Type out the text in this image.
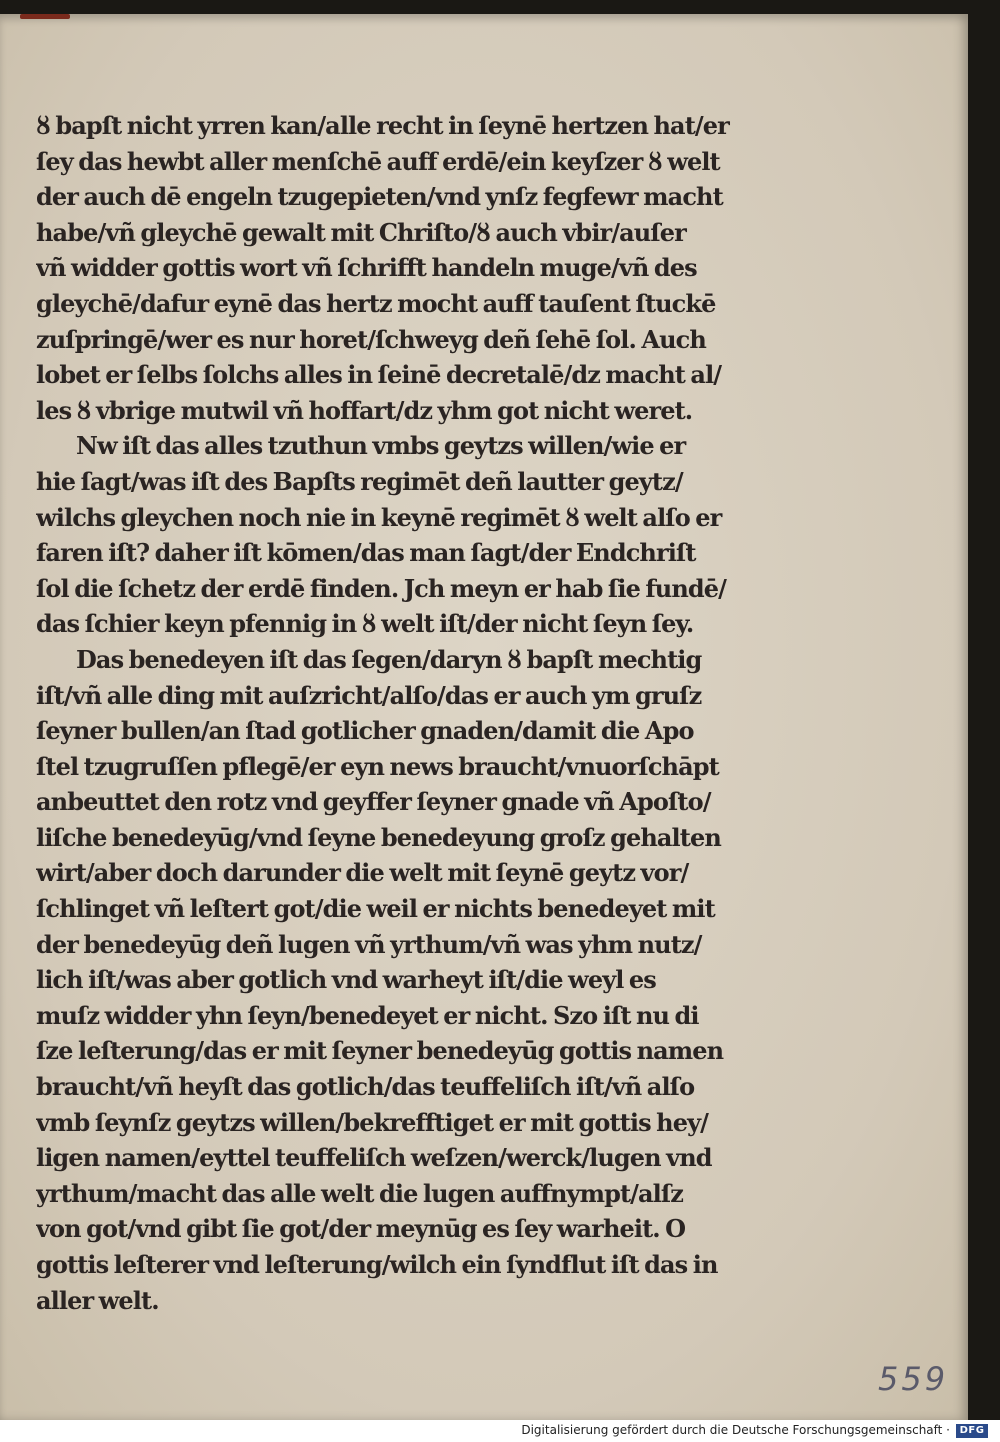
ȣ bapſt nicht yrren kan/alle recht in ſeynē hertzen hat/er
ſey das hewbt aller menſchē auff erdē/ein keyſzer ȣ welt
der auch dē engeln tzugepieten/vnd ynſz fegfewr macht
habe/vñ gleychē gewalt mit Chriſto/ȣ auch vbir/auſer
vñ widder gottis wort vñ ſchrifft handeln muge/vñ des
gleychē/dafur eynē das hertz mocht auff tauſent ſtuckē
zuſpringē/wer es nur horet/ſchweyg deñ ſehē ſol. Auch
lobet er ſelbs ſolchs alles in ſeinē decretalē/dz macht al/
les ȣ vbrige mutwil vñ hoffart/dz yhm got nicht weret.
Nw iſt das alles tzuthun vmbs geytzs willen/wie er
hie ſagt/was iſt des Bapſts regimēt deñ lautter geytz/
wilchs gleychen noch nie in keynē regimēt ȣ welt alſo er
faren iſt? daher iſt kōmen/das man ſagt/der Endchriſt
ſol die ſchetz der erdē finden. Jch meyn er hab ſie fundē/
das ſchier keyn pfennig in ȣ welt iſt/der nicht ſeyn ſey.
Das benedeyen iſt das ſegen/daryn ȣ bapſt mechtig
iſt/vñ alle ding mit auſzricht/alſo/das er auch ym gruſz
ſeyner bullen/an ſtad gotlicher gnaden/damit die Apo
ſtel tzugruſſen pflegē/er eyn news braucht/vnuorſchāpt
anbeuttet den rotz vnd geyffer ſeyner gnade vñ Apoſto/
liſche benedeyūg/vnd ſeyne benedeyung groſz gehalten
wirt/aber doch darunder die welt mit ſeynē geytz vor/
ſchlinget vñ leſtert got/die weil er nichts benedeyet mit
der benedeyūg deñ lugen vñ yrthum/vñ was yhm nutz/
lich iſt/was aber gotlich vnd warheyt iſt/die weyl es
muſz widder yhn ſeyn/benedeyet er nicht. Szo iſt nu di
ſze leſterung/das er mit ſeyner benedeyūg gottis namen
braucht/vñ heyſt das gotlich/das teuffeliſch iſt/vñ alſo
vmb ſeynſz geytzs willen/bekrefftiget er mit gottis hey/
ligen namen/eyttel teuffeliſch weſzen/werck/lugen vnd
yrthum/macht das alle welt die lugen auffnympt/alſz
von got/vnd gibt ſie got/der meynūg es ſey warheit. O
gottis leſterer vnd leſterung/wilch ein ſyndflut iſt das in
aller welt.
559
Digitalisierung gefördert durch die Deutsche Forschungsgemeinschaft · DFG
